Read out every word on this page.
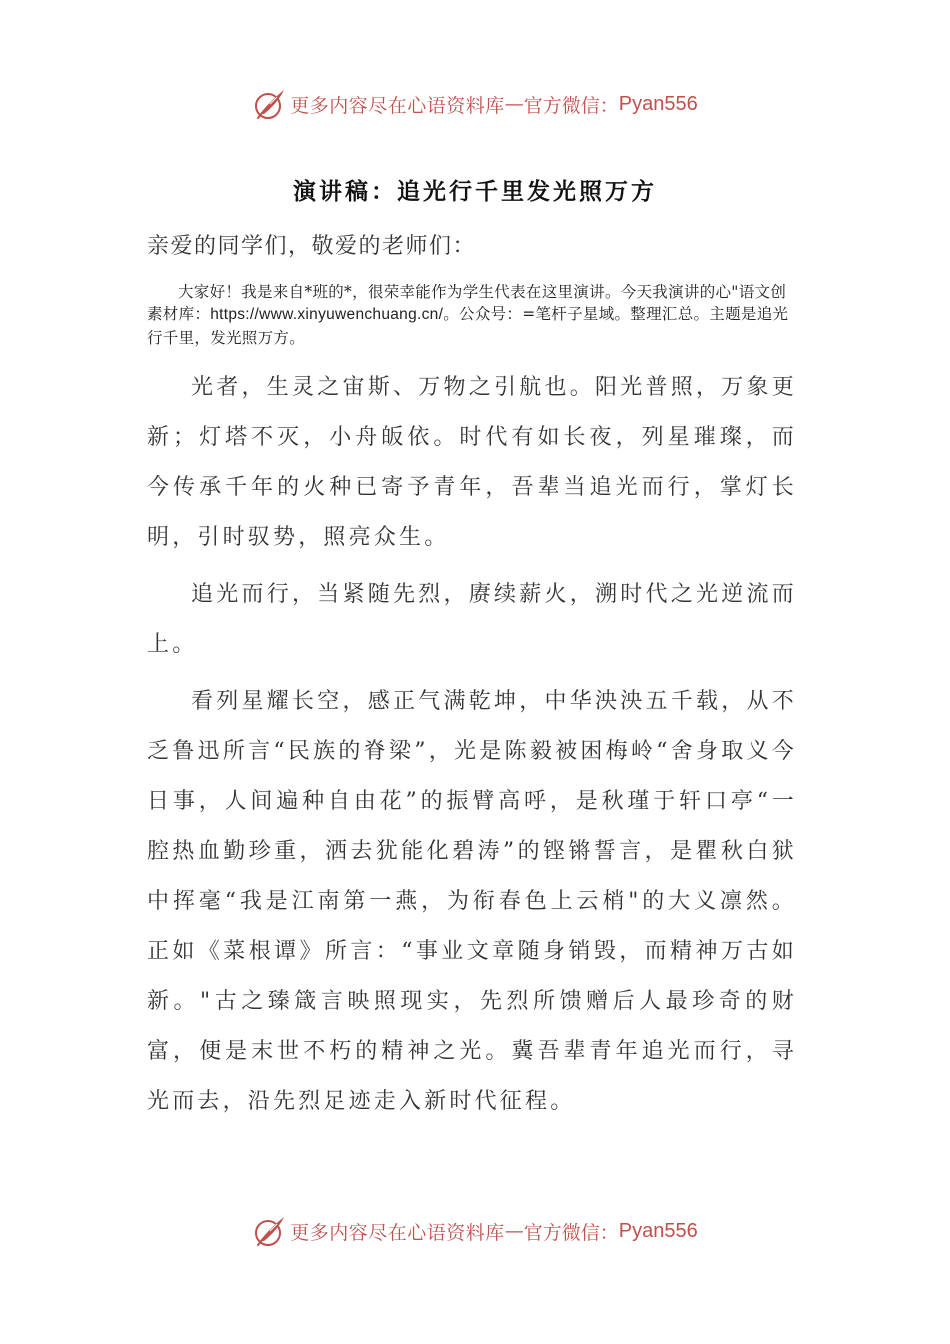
更多内容尽在心语资料库 — 官方微信： Pyan556
演讲稿：追光行千里发光照万方

亲爱的同学们，敬爱的老师们：

大家好！我是来自*班的*，很荣幸能作为学生代表在这里演讲。今天我演讲的心"语文创素材库：https://www.xinyuwenchuang.cn/。公众号：=笔杆子星域。整理汇总。主题是追光行千里，发光照万方。

光者，生灵之宙斯、万物之引航也。阳光普照，万象更新；灯塔不灭，小舟皈依。时代有如长夜，列星璀璨，而今传承千年的火种已寄予青年，吾辈当追光而行，掌灯长明，引时驭势，照亮众生。

追光而行，当紧随先烈，赓续薪火，溯时代之光逆流而上。

看列星耀长空，感正气满乾坤，中华泱泱五千载，从不乏鲁迅所言“民族的脊梁”，光是陈毅被困梅岭“舍身取义今日事，人间遍种自由花”的振臂高呼，是秋瑾于轩口亭“一腔热血勤珍重，洒去犹能化碧涛”的铿锵誓言，是瞿秋白狱中挥毫“我是江南第一燕，为衔春色上云梢"的大义凛然。正如《菜根谭》所言：“事业文章随身销毁，而精神万古如新。"古之臻箴言映照现实，先烈所馈赠后人最珍奇的财富，便是末世不朽的精神之光。冀吾辈青年追光而行，寻光而去，沿先烈足迹走入新时代征程。

更多内容尽在心语资料库 — 官方微信： Pyan556
